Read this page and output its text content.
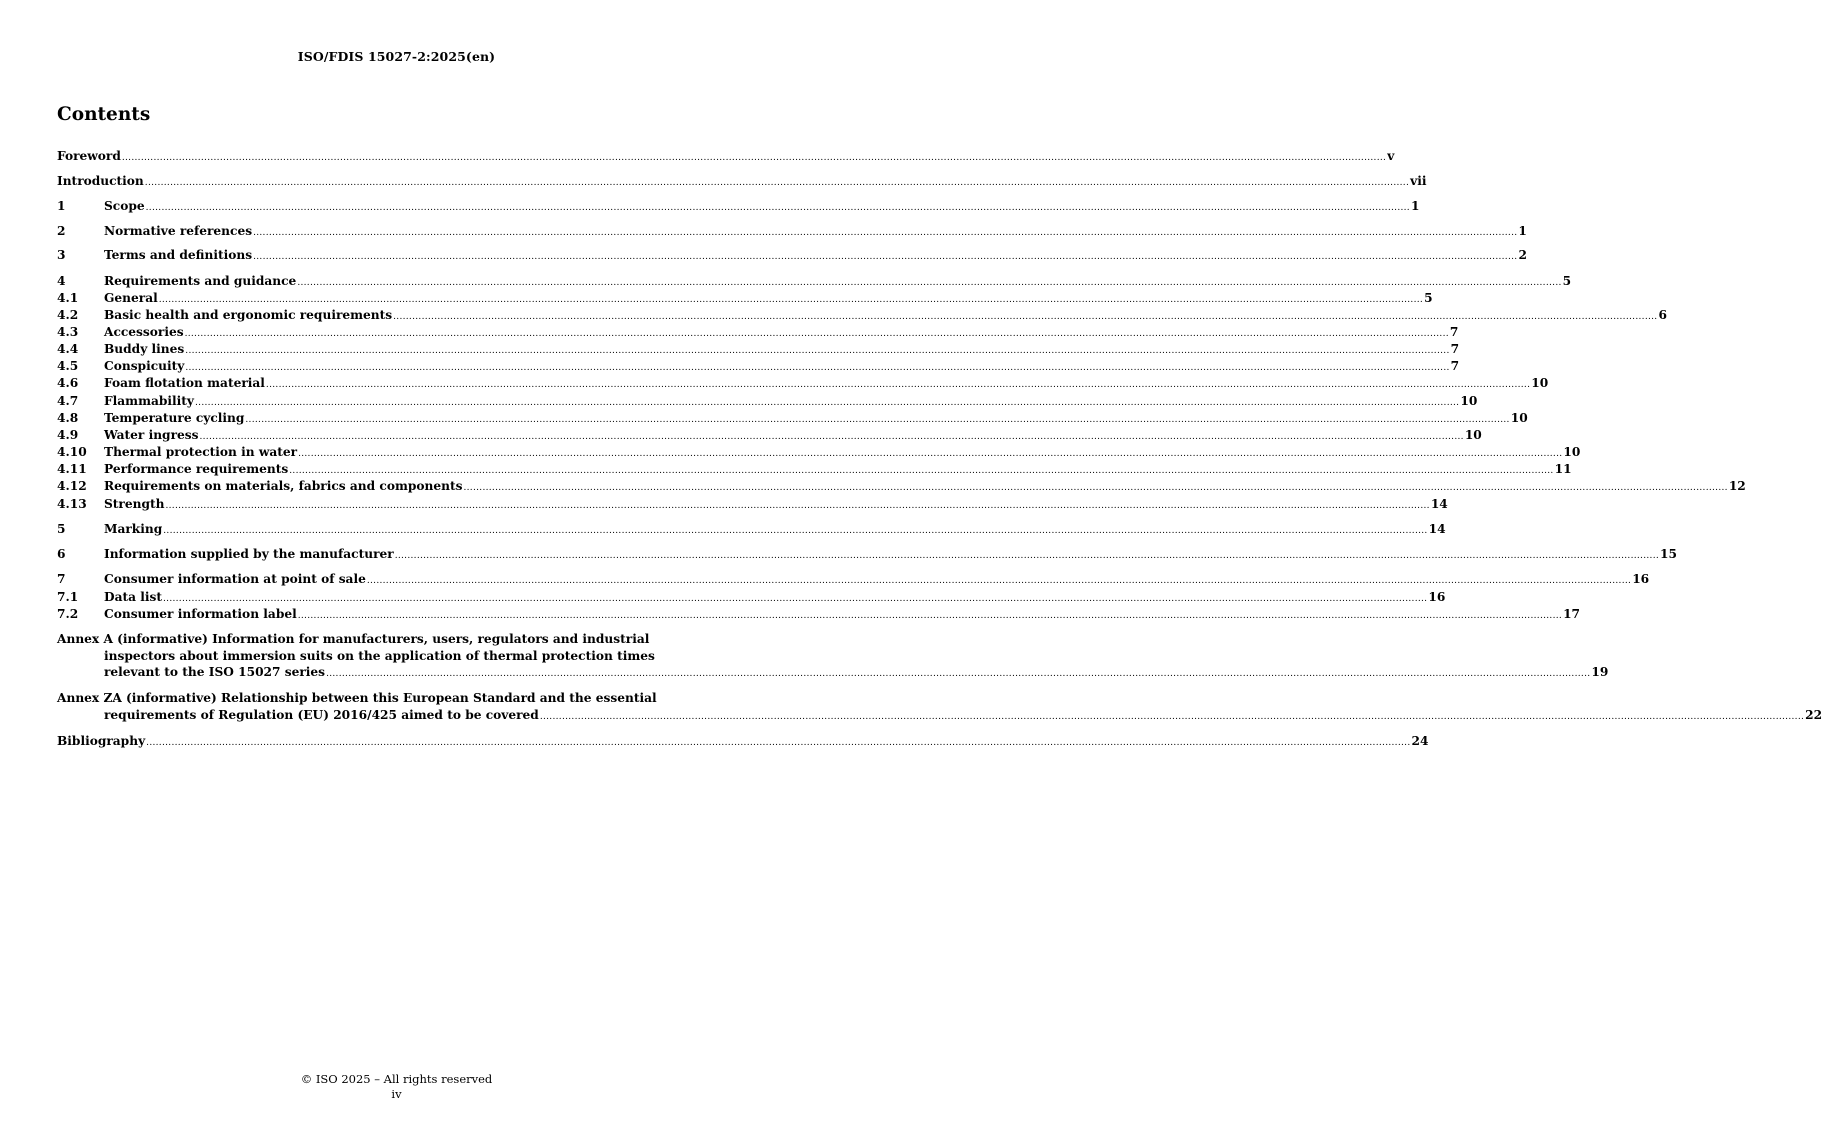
ISO/FDIS 15027-2:2025(en)
Contents
Foreword ................................................................................................................................................................................................................................................................................................................................................................................................................ v
Introduction ................................................................................................................................................................................................................................................................................................................................................................................................................ vii
1	Scope ................................................................................................................................................................................................................................................................................................................................................................................................................ 1
2	Normative references ................................................................................................................................................................................................................................................................................................................................................................................................................ 1
3	Terms and definitions ................................................................................................................................................................................................................................................................................................................................................................................................................ 2
4	Requirements and guidance ................................................................................................................................................................................................................................................................................................................................................................................................................ 5
4.1	General ................................................................................................................................................................................................................................................................................................................................................................................................................ 5
4.2	Basic health and ergonomic requirements ................................................................................................................................................................................................................................................................................................................................................................................................................ 6
4.3	Accessories ................................................................................................................................................................................................................................................................................................................................................................................................................ 7
4.4	Buddy lines ................................................................................................................................................................................................................................................................................................................................................................................................................ 7
4.5	Conspicuity ................................................................................................................................................................................................................................................................................................................................................................................................................ 7
4.6	Foam flotation material ................................................................................................................................................................................................................................................................................................................................................................................................................ 10
4.7	Flammability ................................................................................................................................................................................................................................................................................................................................................................................................................ 10
4.8	Temperature cycling ................................................................................................................................................................................................................................................................................................................................................................................................................ 10
4.9	Water ingress ................................................................................................................................................................................................................................................................................................................................................................................................................ 10
4.10	Thermal protection in water ................................................................................................................................................................................................................................................................................................................................................................................................................ 10
4.11	Performance requirements ................................................................................................................................................................................................................................................................................................................................................................................................................ 11
4.12	Requirements on materials, fabrics and components ................................................................................................................................................................................................................................................................................................................................................................................................................ 12
4.13	Strength ................................................................................................................................................................................................................................................................................................................................................................................................................ 14
5	Marking ................................................................................................................................................................................................................................................................................................................................................................................................................ 14
6	Information supplied by the manufacturer ................................................................................................................................................................................................................................................................................................................................................................................................................ 15
7	Consumer information at point of sale ................................................................................................................................................................................................................................................................................................................................................................................................................ 16
7.1	Data list ................................................................................................................................................................................................................................................................................................................................................................................................................ 16
7.2	Consumer information label ................................................................................................................................................................................................................................................................................................................................................................................................................ 17
Annex A (informative) Information for manufacturers, users, regulators and industrial
inspectors about immersion suits on the application of thermal protection times
relevant to the ISO 15027 series ................................................................................................................................................................................................................................................................................................................................................................................................................ 19
Annex ZA (informative) Relationship between this European Standard and the essential
requirements of Regulation (EU) 2016/425 aimed to be covered ................................................................................................................................................................................................................................................................................................................................................................................................................ 22
Bibliography ................................................................................................................................................................................................................................................................................................................................................................................................................ 24
© ISO 2025 – All rights reserved
iv
